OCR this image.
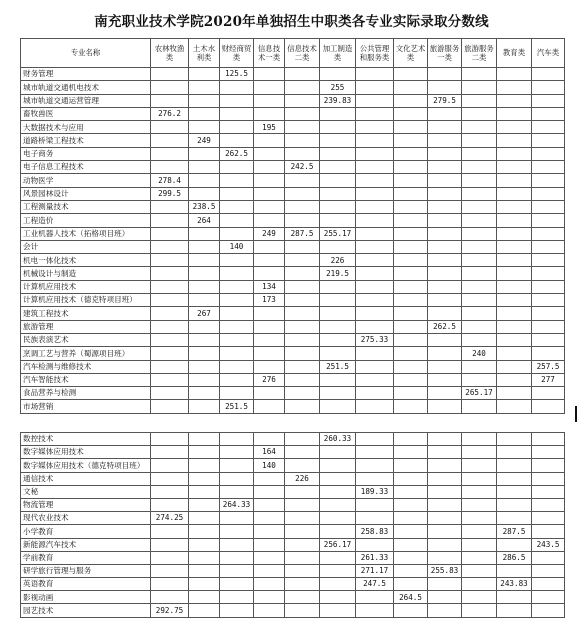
南充职业技术学院2020年单独招生中职类各专业实际录取分数线
专业名称	农林牧渔类	土木水利类	财经商贸类	信息技术一类	信息技术二类	加工制造类	公共管理和服务类	文化艺术类	旅游服务一类	旅游服务二类	教育类	汽车类
财务管理			125.5									
城市轨道交通机电技术						255						
城市轨道交通运营管理						239.83			279.5			
畜牧兽医	276.2											
大数据技术与应用				195								
道路桥梁工程技术		249										
电子商务			262.5									
电子信息工程技术					242.5							
动物医学	278.4											
风景园林设计	299.5											
工程测量技术		238.5										
工程造价		264										
工业机器人技术（拓格项目班）				249	287.5	255.17						
会计			140									
机电一体化技术						226						
机械设计与制造						219.5						
计算机应用技术				134								
计算机应用技术（德克特项目班）				173								
建筑工程技术		267										
旅游管理									262.5			
民族表演艺术							275.33					
烹调工艺与营养（蜀源项目班）										240		
汽车检测与维修技术						251.5						257.5
汽车智能技术				276								277
食品营养与检测										265.17		
市场营销			251.5									
数控技术						260.33						
数字媒体应用技术				164								
数字媒体应用技术（德克特项目班）				140								
通信技术					226							
文秘							189.33					
物流管理			264.33									
现代农业技术	274.25											
小学教育							258.83				287.5	
新能源汽车技术						256.17						243.5
学前教育							261.33				286.5	
研学旅行管理与服务							271.17		255.83			
英语教育							247.5				243.83	
影视动画								264.5				
园艺技术	292.75											
